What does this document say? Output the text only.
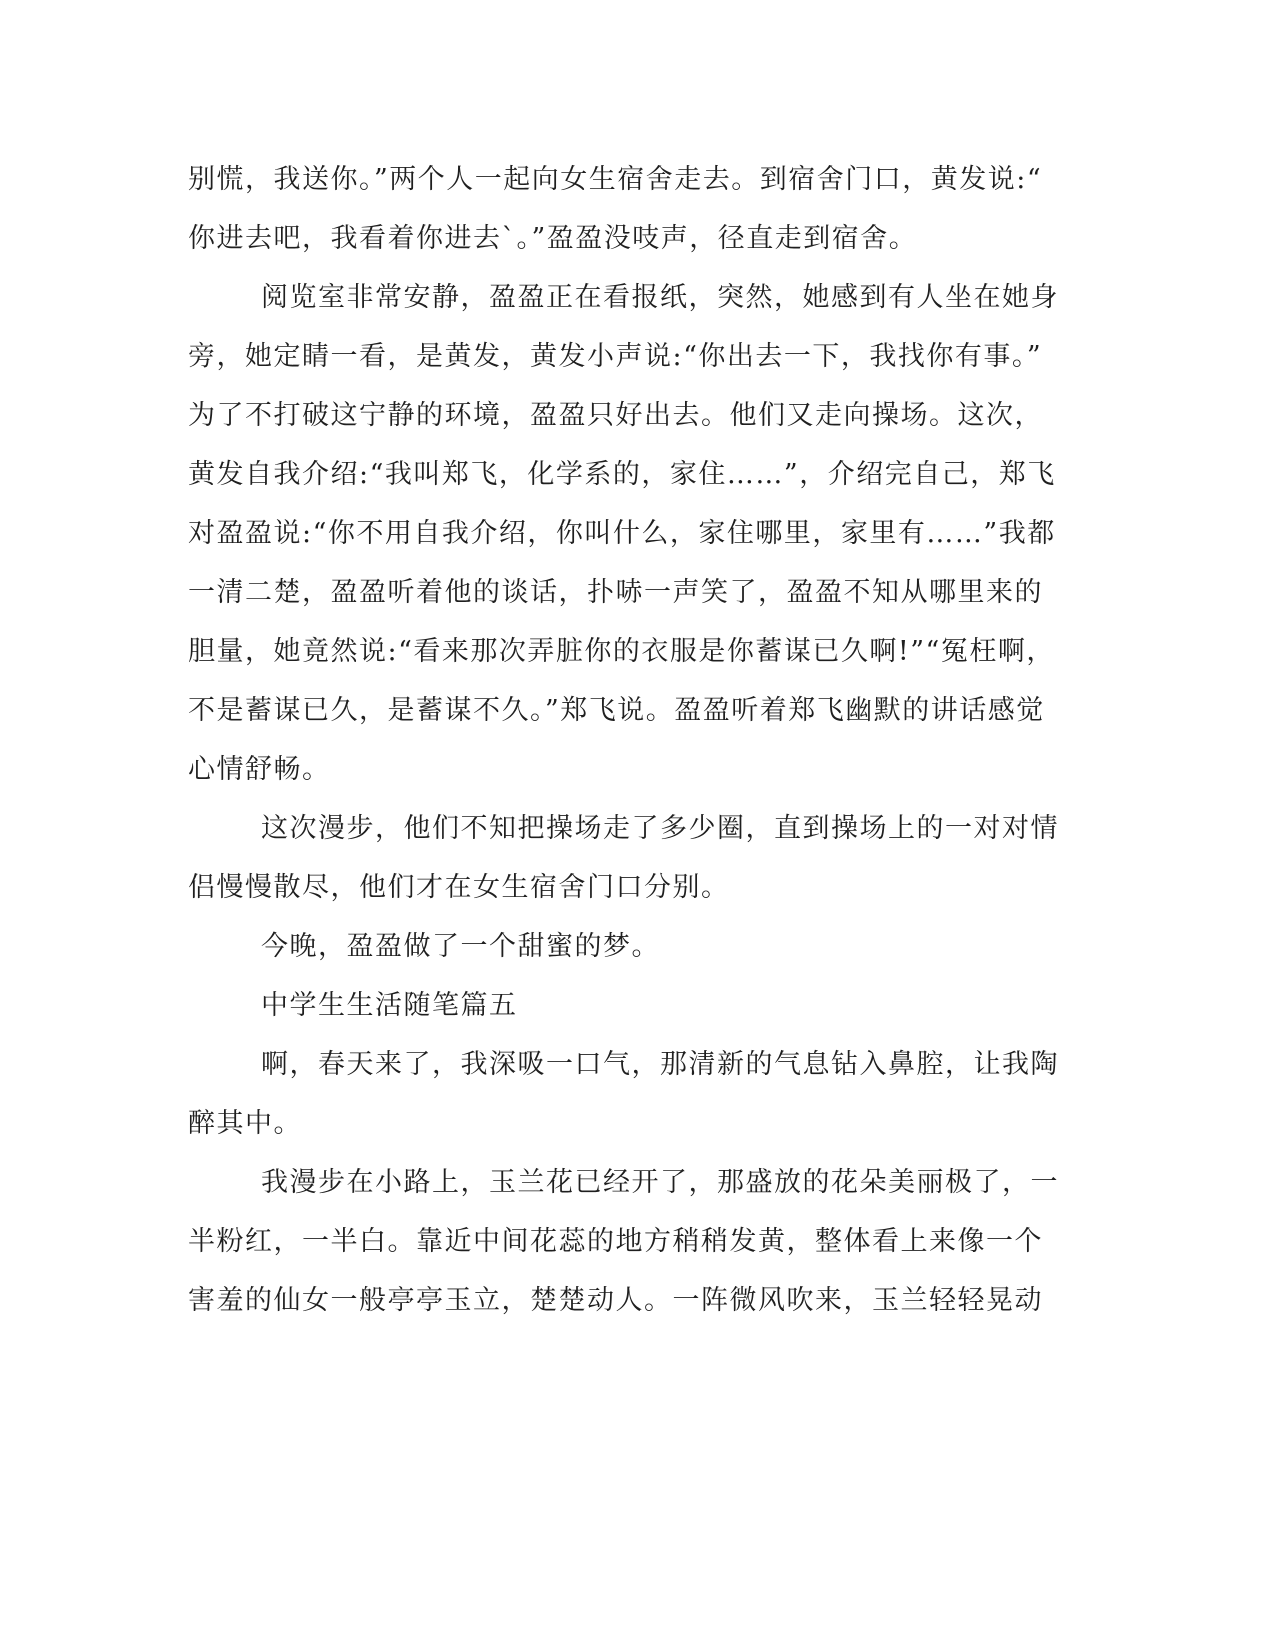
别慌，我送你。”两个人一起向女生宿舍走去。到宿舍门口，黄发说:“
你进去吧，我看着你进去`。”盈盈没吱声，径直走到宿舍。
阅览室非常安静，盈盈正在看报纸，突然，她感到有人坐在她身
旁，她定睛一看，是黄发，黄发小声说:“你出去一下，我找你有事。”
为了不打破这宁静的环境，盈盈只好出去。他们又走向操场。这次，
黄发自我介绍:“我叫郑飞，化学系的，家住……”，介绍完自己，郑飞
对盈盈说:“你不用自我介绍，你叫什么，家住哪里，家里有……”我都
一清二楚，盈盈听着他的谈话，扑哧一声笑了，盈盈不知从哪里来的
胆量，她竟然说:“看来那次弄脏你的衣服是你蓄谋已久啊!”“冤枉啊，
不是蓄谋已久，是蓄谋不久。”郑飞说。盈盈听着郑飞幽默的讲话感觉
心情舒畅。
这次漫步，他们不知把操场走了多少圈，直到操场上的一对对情
侣慢慢散尽，他们才在女生宿舍门口分别。
今晚，盈盈做了一个甜蜜的梦。
中学生生活随笔篇五
啊，春天来了，我深吸一口气，那清新的气息钻入鼻腔，让我陶
醉其中。
我漫步在小路上，玉兰花已经开了，那盛放的花朵美丽极了，一
半粉红，一半白。靠近中间花蕊的地方稍稍发黄，整体看上来像一个
害羞的仙女一般亭亭玉立，楚楚动人。一阵微风吹来，玉兰轻轻晃动
